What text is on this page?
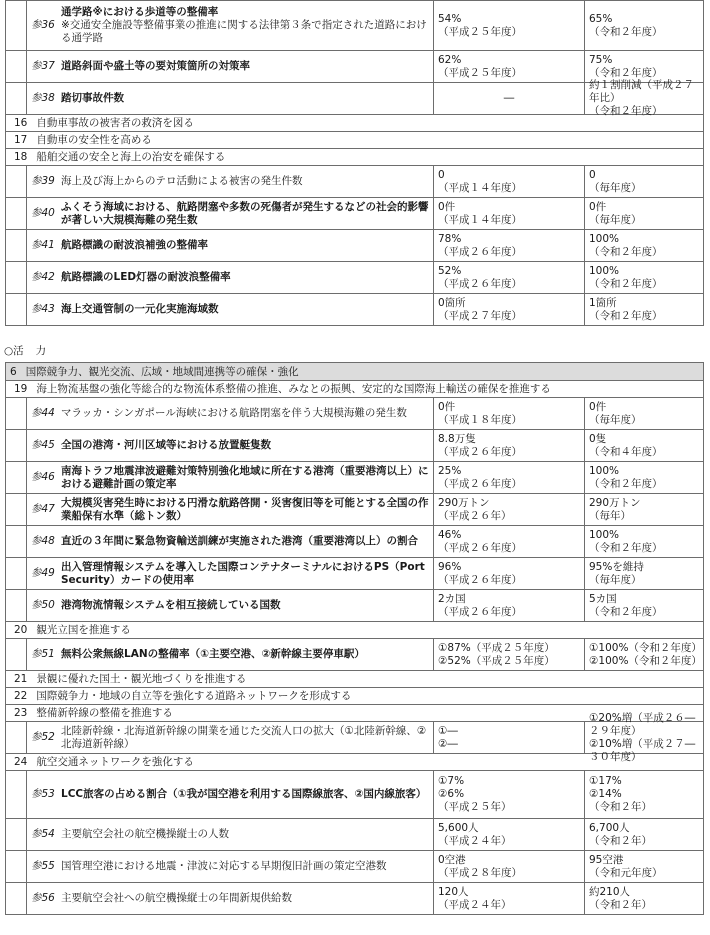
参36
通学路※における歩道等の整備率
※交通安全施設等整備事業の推進に関する法律第３条で指定された道路における通学路
54%
（平成２５年度）
65%
（令和２年度）
参37 道路斜面や盛土等の要対策箇所の対策率
62%
（平成２５年度）
75%
（令和２年度）
参38 踏切事故件数	―
約１割削減（平成２７年比）
（令和２年度）
16 自動車事故の被害者の救済を図る
17 自動車の安全性を高める
18 船舶交通の安全と海上の治安を確保する
参39 海上及び海上からのテロ活動による被害の発生件数
0
（平成１４年度）
0
（毎年度）
参40
ふくそう海域における、航路閉塞や多数の死傷者が発生するなどの社会的影響が著しい大規模海難の発生数
0件
（平成１４年度）
0件
（毎年度）
参41 航路標識の耐波浪補強の整備率
78%
（平成２６年度）
100%
（令和２年度）
参42 航路標識のLED灯器の耐波浪整備率
52%
（平成２６年度）
100%
（令和２年度）
参43 海上交通管制の一元化実施海域数
0箇所
（平成２７年度）
1箇所
（令和２年度）
○活 力
6 国際競争力、観光交流、広域・地域間連携等の確保・強化
19 海上物流基盤の強化等総合的な物流体系整備の推進、みなとの振興、安定的な国際海上輸送の確保を推進する
参44 マラッカ・シンガポール海峡における航路閉塞を伴う大規模海難の発生数
0件
（平成１８年度）
0件
（毎年度）
参45 全国の港湾・河川区域等における放置艇隻数
8.8万隻
（平成２６年度）
0隻
（令和４年度）
参46
南海トラフ地震津波避難対策特別強化地域に所在する港湾（重要港湾以上）における避難計画の策定率
25%
（平成２６年度）
100%
（令和２年度）
参47
大規模災害発生時における円滑な航路啓開・災害復旧等を可能とする全国の作業船保有水準（総トン数）
290万トン
（平成２６年）
290万トン
（毎年）
参48 直近の３年間に緊急物資輸送訓練が実施された港湾（重要港湾以上）の割合
46%
（平成２６年度）
100%
（令和２年度）
参49
出入管理情報システムを導入した国際コンテナターミナルにおけるPS（Port Security）カードの使用率
96%
（平成２６年度）
95%を維持
（毎年度）
参50 港湾物流情報システムを相互接続している国数
2カ国
（平成２６年度）
5カ国
（令和２年度）
20 観光立国を推進する
参51 無料公衆無線LANの整備率（①主要空港、②新幹線主要停車駅）
①87%（平成２５年度）
②52%（平成２５年度）
①100%（令和２年度）
②100%（令和２年度）
21 景観に優れた国土・観光地づくりを推進する
22 国際競争力・地域の自立等を強化する道路ネットワークを形成する
23 整備新幹線の整備を推進する
参52
北陸新幹線・北海道新幹線の開業を通じた交流人口の拡大（①北陸新幹線、②北海道新幹線）
①―
②―
①20%増（平成２６―２９年度）
②10%増（平成２７―３０年度）
24 航空交通ネットワークを強化する
参53 LCC旅客の占める割合（①我が国空港を利用する国際線旅客、②国内線旅客）
①7%
②6%
（平成２５年）
①17%
②14%
（令和２年）
参54 主要航空会社の航空機操縦士の人数
5,600人
（平成２４年）
6,700人
（令和２年）
参55 国管理空港における地震・津波に対応する早期復旧計画の策定空港数
0空港
（平成２８年度）
95空港
（令和元年度）
参56 主要航空会社への航空機操縦士の年間新規供給数
120人
（平成２４年）
約210人
（令和２年）
